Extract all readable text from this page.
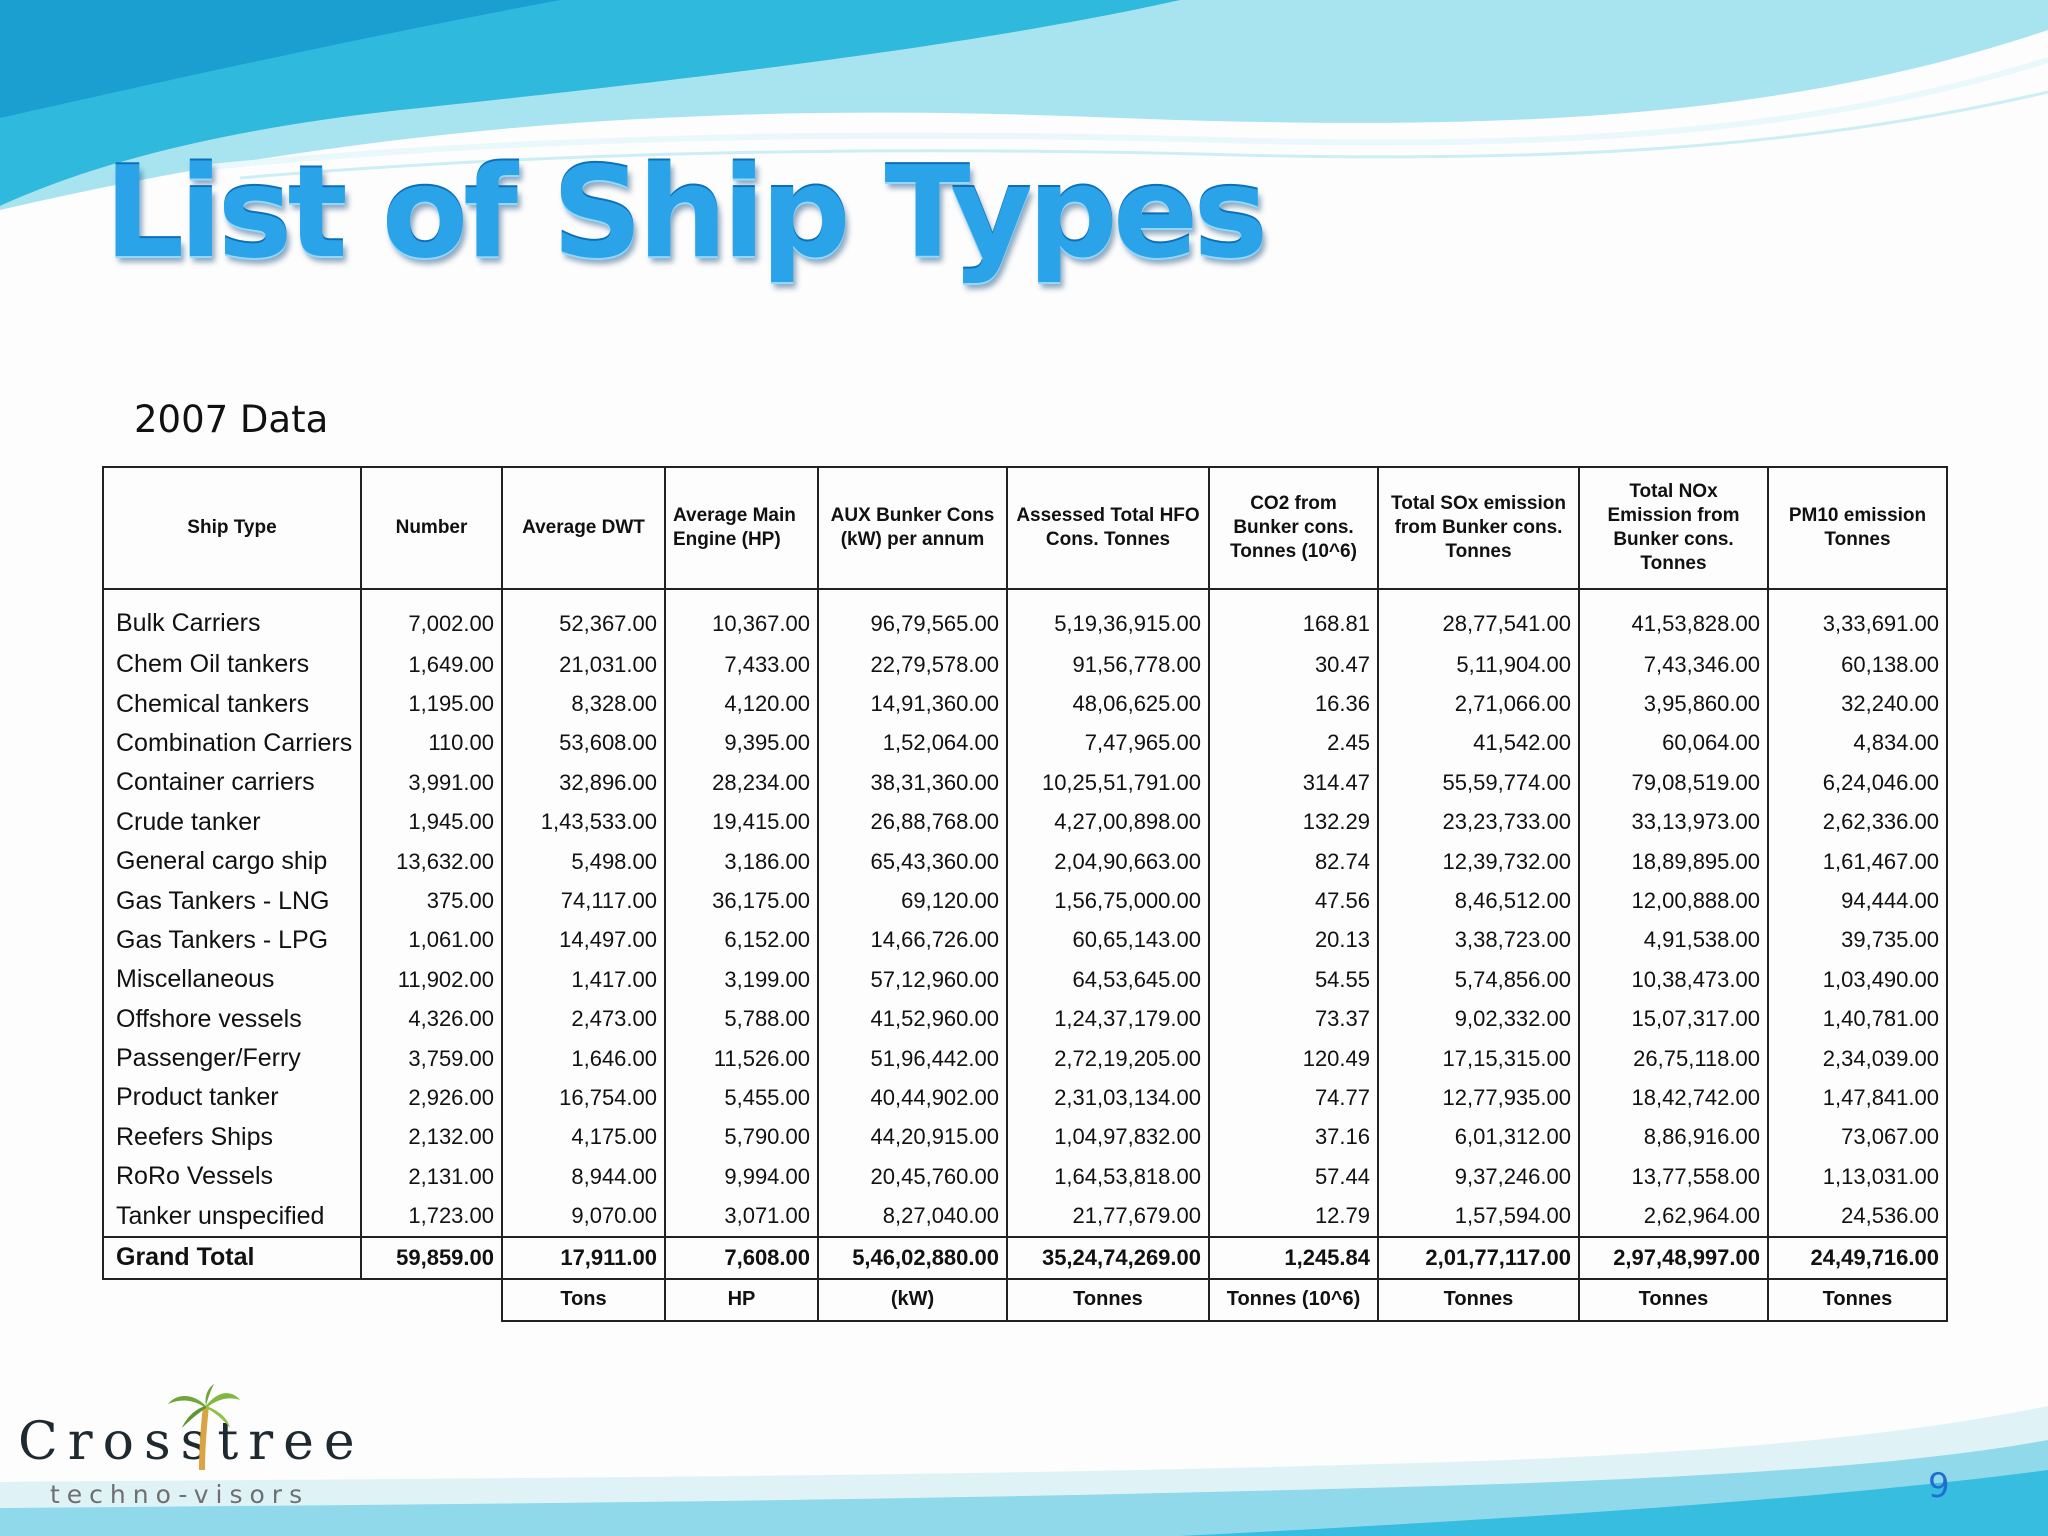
List of Ship Types
2007 Data
Ship Type	Number	Average DWT	Average Main Engine (HP)	AUX Bunker Cons (kW) per annum	Assessed Total HFO Cons. Tonnes	CO2 from Bunker cons. Tonnes (10^6)	Total SOx emission from Bunker cons. Tonnes	Total NOx Emission from Bunker cons. Tonnes	PM10 emission Tonnes
Bulk Carriers	7,002.00	52,367.00	10,367.00	96,79,565.00	5,19,36,915.00	168.81	28,77,541.00	41,53,828.00	3,33,691.00
Chem Oil tankers	1,649.00	21,031.00	7,433.00	22,79,578.00	91,56,778.00	30.47	5,11,904.00	7,43,346.00	60,138.00
Chemical tankers	1,195.00	8,328.00	4,120.00	14,91,360.00	48,06,625.00	16.36	2,71,066.00	3,95,860.00	32,240.00
Combination Carriers	110.00	53,608.00	9,395.00	1,52,064.00	7,47,965.00	2.45	41,542.00	60,064.00	4,834.00
Container carriers	3,991.00	32,896.00	28,234.00	38,31,360.00	10,25,51,791.00	314.47	55,59,774.00	79,08,519.00	6,24,046.00
Crude tanker	1,945.00	1,43,533.00	19,415.00	26,88,768.00	4,27,00,898.00	132.29	23,23,733.00	33,13,973.00	2,62,336.00
General cargo ship	13,632.00	5,498.00	3,186.00	65,43,360.00	2,04,90,663.00	82.74	12,39,732.00	18,89,895.00	1,61,467.00
Gas Tankers - LNG	375.00	74,117.00	36,175.00	69,120.00	1,56,75,000.00	47.56	8,46,512.00	12,00,888.00	94,444.00
Gas Tankers - LPG	1,061.00	14,497.00	6,152.00	14,66,726.00	60,65,143.00	20.13	3,38,723.00	4,91,538.00	39,735.00
Miscellaneous	11,902.00	1,417.00	3,199.00	57,12,960.00	64,53,645.00	54.55	5,74,856.00	10,38,473.00	1,03,490.00
Offshore vessels	4,326.00	2,473.00	5,788.00	41,52,960.00	1,24,37,179.00	73.37	9,02,332.00	15,07,317.00	1,40,781.00
Passenger/Ferry	3,759.00	1,646.00	11,526.00	51,96,442.00	2,72,19,205.00	120.49	17,15,315.00	26,75,118.00	2,34,039.00
Product tanker	2,926.00	16,754.00	5,455.00	40,44,902.00	2,31,03,134.00	74.77	12,77,935.00	18,42,742.00	1,47,841.00
Reefers Ships	2,132.00	4,175.00	5,790.00	44,20,915.00	1,04,97,832.00	37.16	6,01,312.00	8,86,916.00	73,067.00
RoRo Vessels	2,131.00	8,944.00	9,994.00	20,45,760.00	1,64,53,818.00	57.44	9,37,246.00	13,77,558.00	1,13,031.00
Tanker unspecified	1,723.00	9,070.00	3,071.00	8,27,040.00	21,77,679.00	12.79	1,57,594.00	2,62,964.00	24,536.00
Grand Total	59,859.00	17,911.00	7,608.00	5,46,02,880.00	35,24,74,269.00	1,245.84	2,01,77,117.00	2,97,48,997.00	24,49,716.00
		Tons	HP	(kW)	Tonnes	Tonnes (10^6)	Tonnes	Tonnes	Tonnes
Crosstree
techno-visors	9
